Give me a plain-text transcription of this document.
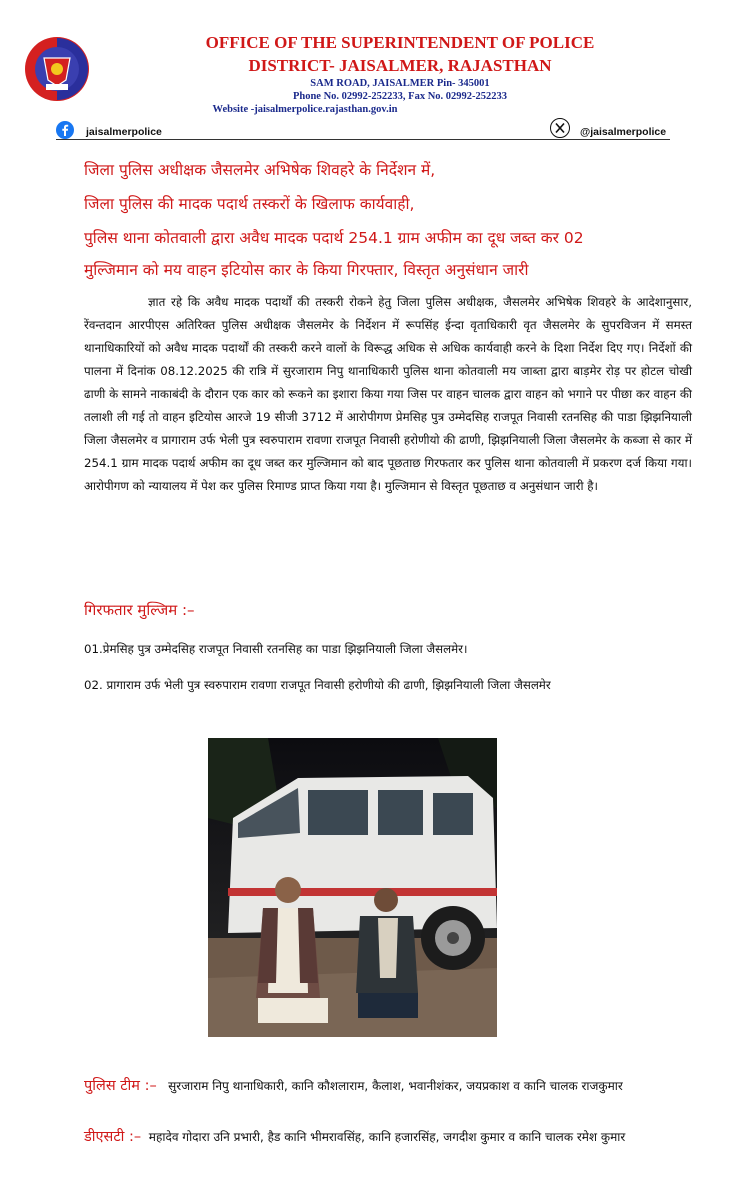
OFFICE OF THE SUPERINTENDENT OF POLICE
DISTRICT- JAISALMER, RAJASTHAN
SAM ROAD, JAISALMER Pin- 345001
Phone No. 02992-252233, Fax No. 02992-252233
Website -jaisalmerpolice.rajasthan.gov.in
jaisalmerpolice	@jaisalmerpolice
जिला पुलिस अधीक्षक जैसलमेर अभिषेक शिवहरे के निर्देशन में,
जिला पुलिस की मादक पदार्थ तस्करों के खिलाफ कार्यवाही,
पुलिस थाना कोतवाली द्वारा अवैध मादक पदार्थ 254.1 ग्राम अफीम का दूध जब्त कर 02
मुल्जिमान को मय वाहन इटियोस कार के किया गिरफ्तार, विस्तृत अनुसंधान जारी
ज्ञात रहे कि अवैध मादक पदार्थों की तस्करी रोकने हेतु जिला पुलिस अधीक्षक, जैसलमेर अभिषेक शिवहरे के आदेशानुसार, रेंवन्तदान आरपीएस अतिरिक्त पुलिस अधीक्षक जैसलमेर के निर्देशन में रूपसिंह ईन्दा वृताधिकारी वृत जैसलमेर के सुपरविजन में समस्त थानाधिकारियों को अवैध मादक पदार्थों की तस्करी करने वालों के विरूद्ध अधिक से अधिक कार्यवाही करने के दिशा निर्देश दिए गए। निर्देशों की पालना में दिनांक 08.12.2025 की रात्रि में सुरजाराम निपु थानाधिकारी पुलिस थाना कोतवाली मय जाब्ता द्वारा बाड़मेर रोड़ पर होटल चोखी ढाणी के सामने नाकाबंदी के दौरान एक कार को रूकने का इशारा किया गया जिस पर वाहन चालक द्वारा वाहन को भगाने पर पीछा कर वाहन की तलाशी ली गई तो वाहन इटियोस आरजे 19 सीजी 3712 में आरोपीगण प्रेमसिह पुत्र उम्मेदसिह राजपूत निवासी रतनसिह की पाडा झिझनियाली जिला जैसलमेर व प्रागाराम उर्फ भेली पुत्र स्वरुपाराम रावणा राजपूत निवासी हरोणीयो की ढाणी, झिझनियाली जिला जैसलमेर के कब्जा से कार में 254.1 ग्राम मादक पदार्थ अफीम का दूध जब्त कर मुल्जिमान को बाद पूछताछ गिरफतार कर पुलिस थाना कोतवाली में प्रकरण दर्ज किया गया। आरोपीगण को न्यायालय में पेश कर पुलिस रिमाण्ड प्राप्त किया गया है। मुल्जिमान से विस्तृत पूछताछ व अनुसंधान जारी है।
गिरफतार मुल्जिम :–
01.प्रेमसिह पुत्र उम्मेदसिह राजपूत निवासी रतनसिह का पाडा झिझनियाली जिला जैसलमेर।
02. प्रागाराम उर्फ भेली पुत्र स्वरुपाराम रावणा राजपूत निवासी हरोणीयो की ढाणी, झिझनियाली जिला जैसलमेर
पुलिस टीम :– सुरजाराम निपु थानाधिकारी, कानि कौशलाराम, कैलाश, भवानीशंकर, जयप्रकाश व कानि चालक राजकुमार
डीएसटी :– महादेव गोदारा उनि प्रभारी, हैड कानि भीमरावसिंह, कानि हजारसिंह, जगदीश कुमार व कानि चालक रमेश कुमार
